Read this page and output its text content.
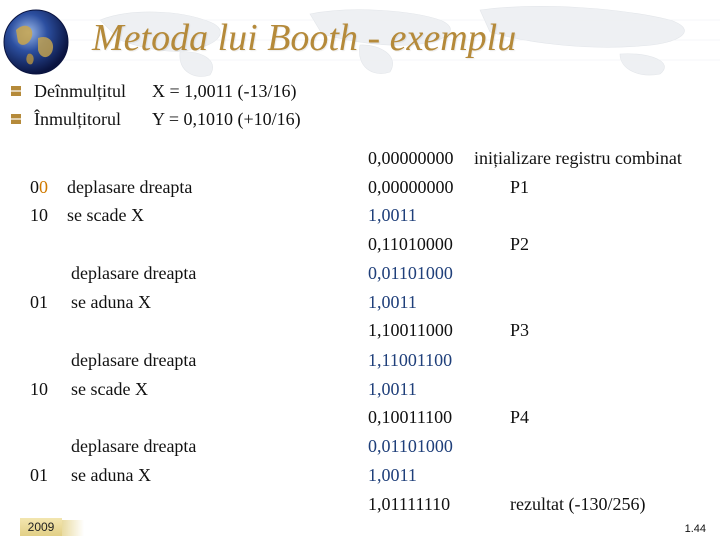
Metoda lui Booth - exemplu
Deînmulțitul X = 1,0011 (-13/16)
Înmulțitorul Y = 0,1010 (+10/16)
0,00000000 inițializare registru combinat
00 deplasare dreapta	0,00000000	P1
10 se scade X	1,0011
0,11010000	P2
deplasare dreapta	0,01101000
01 se aduna X	1,0011
1,10011000	P3
deplasare dreapta	1,11001100
10 se scade X	1,0011
0,10011100	P4
deplasare dreapta	0,01101000
01 se aduna X	1,0011
1,01111110	rezultat (-130/256)
2009	1.44
